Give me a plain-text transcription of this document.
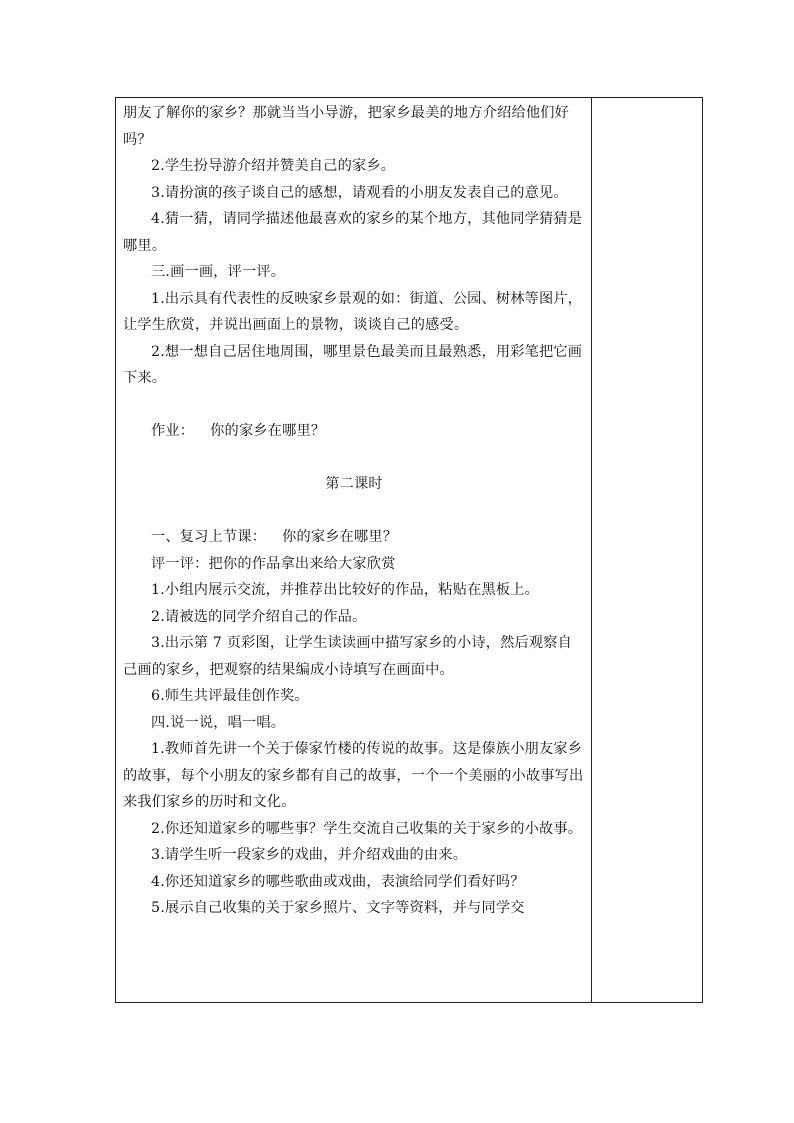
朋友了解你的家乡？那就当当小导游，把家乡最美的地方介绍给他们好吗？

2.学生扮导游介绍并赞美自己的家乡。

3.请扮演的孩子谈自己的感想，请观看的小朋友发表自己的意见。

4.猜一猜，请同学描述他最喜欢的家乡的某个地方，其他同学猜猜是哪里。

三.画一画，评一评。

1.出示具有代表性的反映家乡景观的如：街道、公园、树林等图片，让学生欣赏，并说出画面上的景物，谈谈自己的感受。

2.想一想自己居住地周围，哪里景色最美而且最熟悉，用彩笔把它画下来。

作业： 你的家乡在哪里？

第二课时

一、复习上节课： 你的家乡在哪里？

评一评：把你的作品拿出来给大家欣赏

1.小组内展示交流，并推荐出比较好的作品，粘贴在黑板上。

2.请被选的同学介绍自己的作品。

3.出示第 7 页彩图，让学生读读画中描写家乡的小诗，然后观察自己画的家乡，把观察的结果编成小诗填写在画面中。

6.师生共评最佳创作奖。

四.说一说，唱一唱。

1.教师首先讲一个关于傣家竹楼的传说的故事。这是傣族小朋友家乡的故事，每个小朋友的家乡都有自己的故事，一个一个美丽的小故事写出来我们家乡的历时和文化。

2.你还知道家乡的哪些事？学生交流自己收集的关于家乡的小故事。

3.请学生听一段家乡的戏曲，并介绍戏曲的由来。

4.你还知道家乡的哪些歌曲或戏曲，表演给同学们看好吗？

5.展示自己收集的关于家乡照片、文字等资料，并与同学交
